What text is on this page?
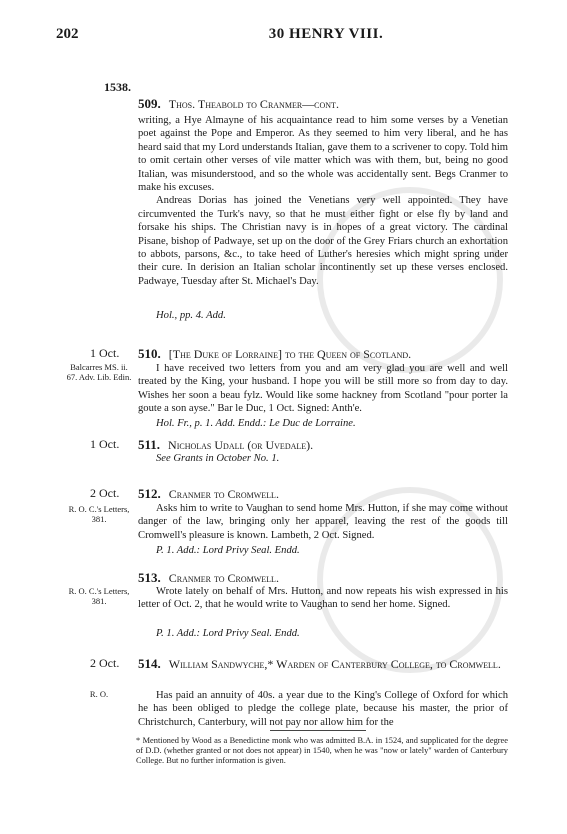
202	30 HENRY VIII.
1538.
509. Thos. Theabold to Cranmer—cont.

writing, a Hye Almayne of his acquaintance read to him some verses by a Venetian poet against the Pope and Emperor. As they seemed to him very liberal, and he has heard said that my Lord understands Italian, gave them to a scrivener to copy. Told him to omit certain other verses of vile matter which was with them, but, being no good Italian, was misunderstood, and so the whole was accidentally sent. Begs Cranmer to make his excuses.

Andreas Dorias has joined the Venetians very well appointed. They have circumvented the Turk's navy, so that he must either fight or else fly by land and forsake his ships. The Christian navy is in hopes of a great victory. The cardinal Pisane, bishop of Padwaye, set up on the door of the Grey Friars church an exhortation to abbots, parsons, &c., to take heed of Luther's heresies which might spring under their cure. In derision an Italian scholar incontinently set up these verses enclosed. Padwaye, Tuesday after St. Michael's Day.

Hol., pp. 4. Add.
1 Oct.	510. [The Duke of Lorraine] to the Queen of Scotland.
Balcarres MS. ii. 67. Adv. Lib. Edin.

I have received two letters from you and am very glad you are well and well treated by the King, your husband. I hope you will be still more so from day to day. Wishes her soon a beau fylz. Would like some hackney from Scotland "pour porter la goute a son ayse." Bar le Duc, 1 Oct. Signed: Anth'e.

Hol. Fr., p. 1. Add. Endd.: Le Duc de Lorraine.
1 Oct.	511. Nicholas Udall (or Uvedale).
See Grants in October No. 1.
2 Oct.	512. Cranmer to Cromwell.
R. O. C.'s Letters, 381.

Asks him to write to Vaughan to send home Mrs. Hutton, if she may come without danger of the law, bringing only her apparel, leaving the rest of the goods till Cromwell's pleasure is known. Lambeth, 2 Oct. Signed.

P. 1. Add.: Lord Privy Seal. Endd.
513. Cranmer to Cromwell.
R. O. C.'s Letters, 381.

Wrote lately on behalf of Mrs. Hutton, and now repeats his wish expressed in his letter of Oct. 2, that he would write to Vaughan to send her home. Signed.

P. 1. Add.: Lord Privy Seal. Endd.
2 Oct.	514. William Sandwyche,* Warden of Canterbury College, to Cromwell.
R. O.	Has paid an annuity of 40s. a year due to the King's College of Oxford for which he has been obliged to pledge the college plate, because his master, the prior of Christchurch, Canterbury, will not pay nor allow him for the

* Mentioned by Wood as a Benedictine monk who was admitted B.A. in 1524, and supplicated for the degree of D.D. (whether granted or not does not appear) in 1540, when he was "now or lately" warden of Canterbury College. But no further information is given.
